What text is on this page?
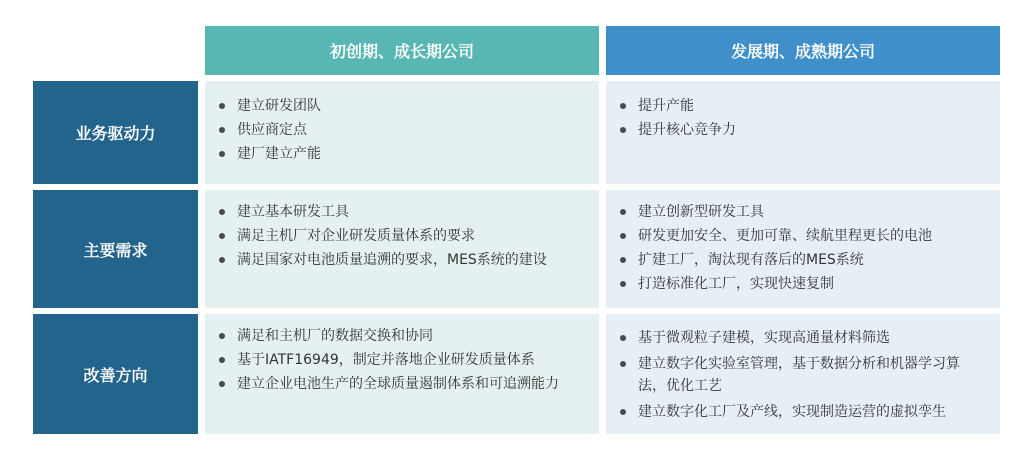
初创期、成长期公司	发展期、成熟期公司
业务驱动力
建立研发团队
供应商定点
建厂建立产能
提升产能
提升核心竞争力
主要需求
建立基本研发工具
满足主机厂对企业研发质量体系的要求
满足国家对电池质量追溯的要求，MES系统的建设
建立创新型研发工具
研发更加安全、更加可靠、续航里程更长的电池
扩建工厂，淘汰现有落后的MES系统
打造标准化工厂，实现快速复制
改善方向
满足和主机厂的数据交换和协同
基于IATF16949，制定并落地企业研发质量体系
建立企业电池生产的全球质量遏制体系和可追溯能力
基于微观粒子建模，实现高通量材料筛选
建立数字化实验室管理，基于数据分析和机器学习算法，优化工艺
建立数字化工厂及产线，实现制造运营的虚拟孪生
